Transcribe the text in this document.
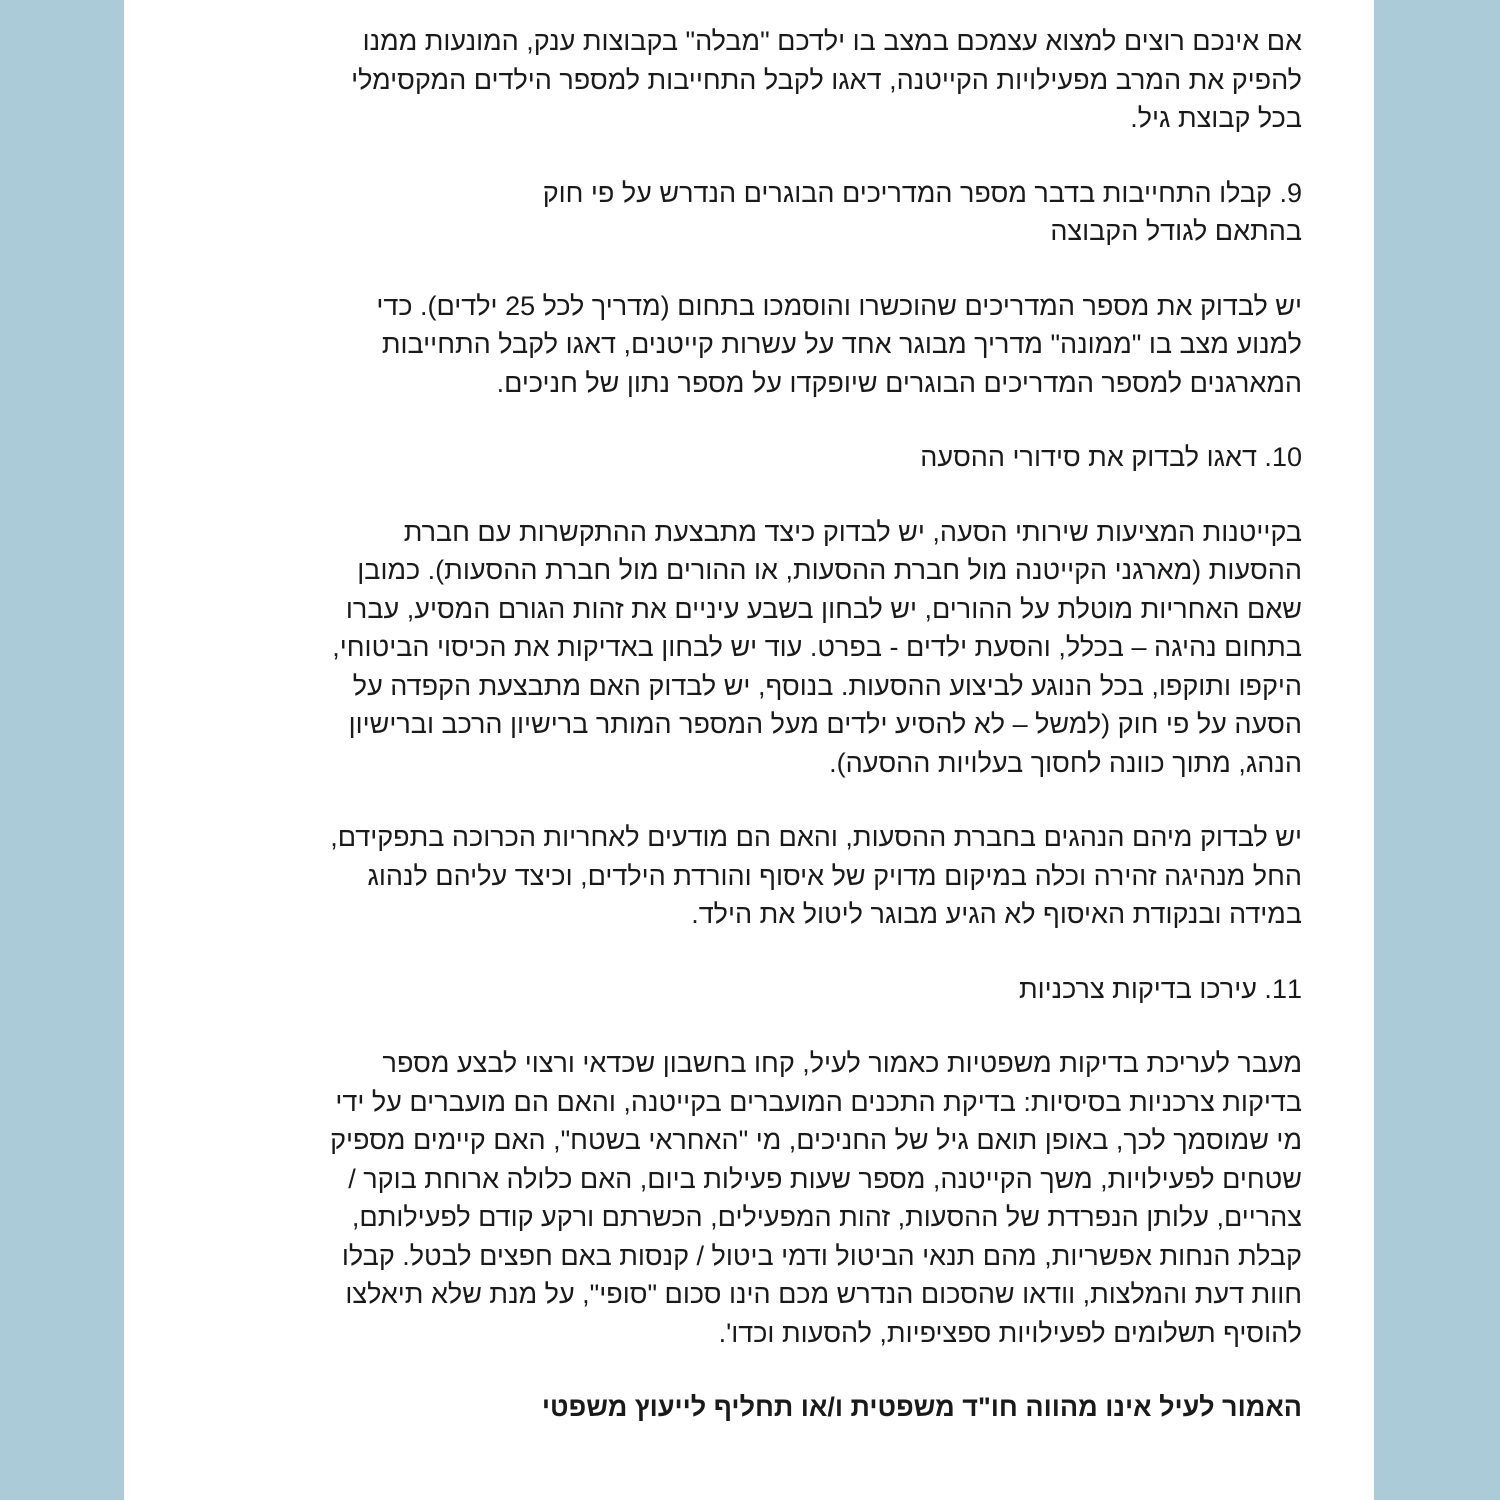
אם אינכם רוצים למצוא עצמכם במצב בו ילדכם "מבלה" בקבוצות ענק, המונעות ממנו
להפיק את המרב מפעילויות הקייטנה, דאגו לקבל התחייבות למספר הילדים המקסימלי
בכל קבוצת גיל.

9. קבלו התחייבות בדבר מספר המדריכים הבוגרים הנדרש על פי חוק
בהתאם לגודל הקבוצה

יש לבדוק את מספר המדריכים שהוכשרו והוסמכו בתחום (מדריך לכל 25 ילדים). כדי
למנוע מצב בו "ממונה" מדריך מבוגר אחד על עשרות קייטנים, דאגו לקבל התחייבות
המארגנים למספר המדריכים הבוגרים שיופקדו על מספר נתון של חניכים.

10. דאגו לבדוק את סידורי ההסעה

בקייטנות המציעות שירותי הסעה, יש לבדוק כיצד מתבצעת ההתקשרות עם חברת
ההסעות (מארגני הקייטנה מול חברת ההסעות, או ההורים מול חברת ההסעות). כמובן
שאם האחריות מוטלת על ההורים, יש לבחון בשבע עיניים את זהות הגורם המסיע, עברו
בתחום נהיגה – בכלל, והסעת ילדים - בפרט. עוד יש לבחון באדיקות את הכיסוי הביטוחי,
היקפו ותוקפו, בכל הנוגע לביצוע ההסעות. בנוסף, יש לבדוק האם מתבצעת הקפדה על
הסעה על פי חוק (למשל – לא להסיע ילדים מעל המספר המותר ברישיון הרכב וברישיון
הנהג, מתוך כוונה לחסוך בעלויות ההסעה).

יש לבדוק מיהם הנהגים בחברת ההסעות, והאם הם מודעים לאחריות הכרוכה בתפקידם,
החל מנהיגה זהירה וכלה במיקום מדויק של איסוף והורדת הילדים, וכיצד עליהם לנהוג
במידה ובנקודת האיסוף לא הגיע מבוגר ליטול את הילד.

11. עירכו בדיקות צרכניות

מעבר לעריכת בדיקות משפטיות כאמור לעיל, קחו בחשבון שכדאי ורצוי לבצע מספר
בדיקות צרכניות בסיסיות: בדיקת התכנים המועברים בקייטנה, והאם הם מועברים על ידי
מי שמוסמך לכך, באופן תואם גיל של החניכים, מי "האחראי בשטח", האם קיימים מספיק
שטחים לפעילויות, משך הקייטנה, מספר שעות פעילות ביום, האם כלולה ארוחת בוקר /
צהריים, עלותן הנפרדת של ההסעות, זהות המפעילים, הכשרתם ורקע קודם לפעילותם,
קבלת הנחות אפשריות, מהם תנאי הביטול ודמי ביטול / קנסות באם חפצים לבטל. קבלו
חוות דעת והמלצות, וודאו שהסכום הנדרש מכם הינו סכום "סופי", על מנת שלא תיאלצו
להוסיף תשלומים לפעילויות ספציפיות, להסעות וכדו'.

האמור לעיל אינו מהווה חו"ד משפטית ו/או תחליף לייעוץ משפטי
